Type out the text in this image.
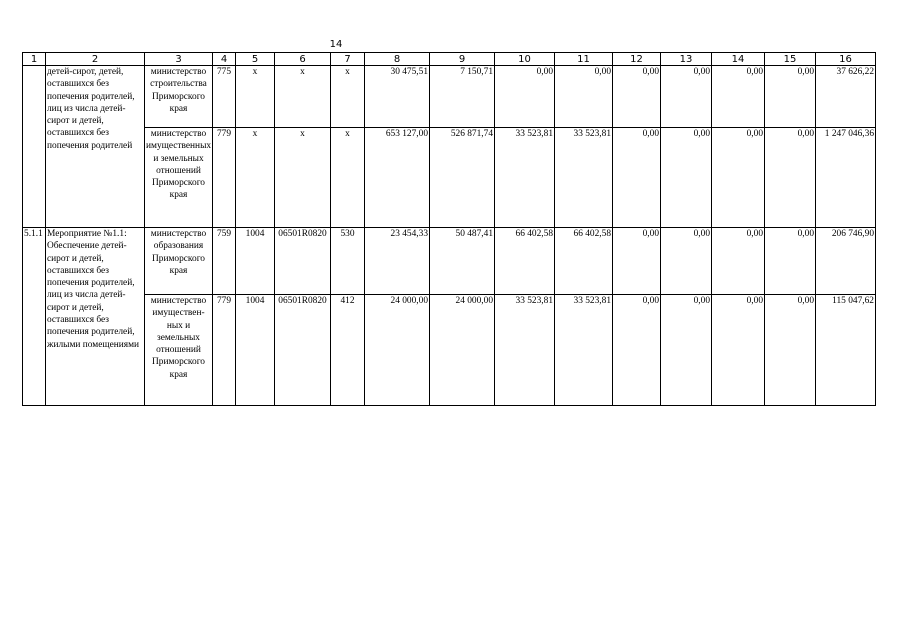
14
1	2	3	4	5	6	7	8	9	10	11	12	13	14	15	16
	детей-сирот, детей, оставшихся без попечения родителей, лиц из числа детей-сирот и детей, оставшихся без попечения родителей	министерство строительства Приморского края	775	х	х	х	30 475,51	7 150,71	0,00	0,00	0,00	0,00	0,00	0,00	37 626,22
		министерство имущественных и земельных отношений Приморского края	779	х	х	х	653 127,00	526 871,74	33 523,81	33 523,81	0,00	0,00	0,00	0,00	1 247 046,36
5.1.1	Мероприятие №1.1: Обеспечение детей-сирот и детей, оставшихся без попечения родителей, лиц из числа детей-сирот и детей, оставшихся без попечения родителей, жилыми помещениями	министерство образования Приморского края	759	1004	06501R0820	530	23 454,33	50 487,41	66 402,58	66 402,58	0,00	0,00	0,00	0,00	206 746,90
		министерство имуществен-ных и земельных отношений Приморского края	779	1004	06501R0820	412	24 000,00	24 000,00	33 523,81	33 523,81	0,00	0,00	0,00	0,00	115 047,62
